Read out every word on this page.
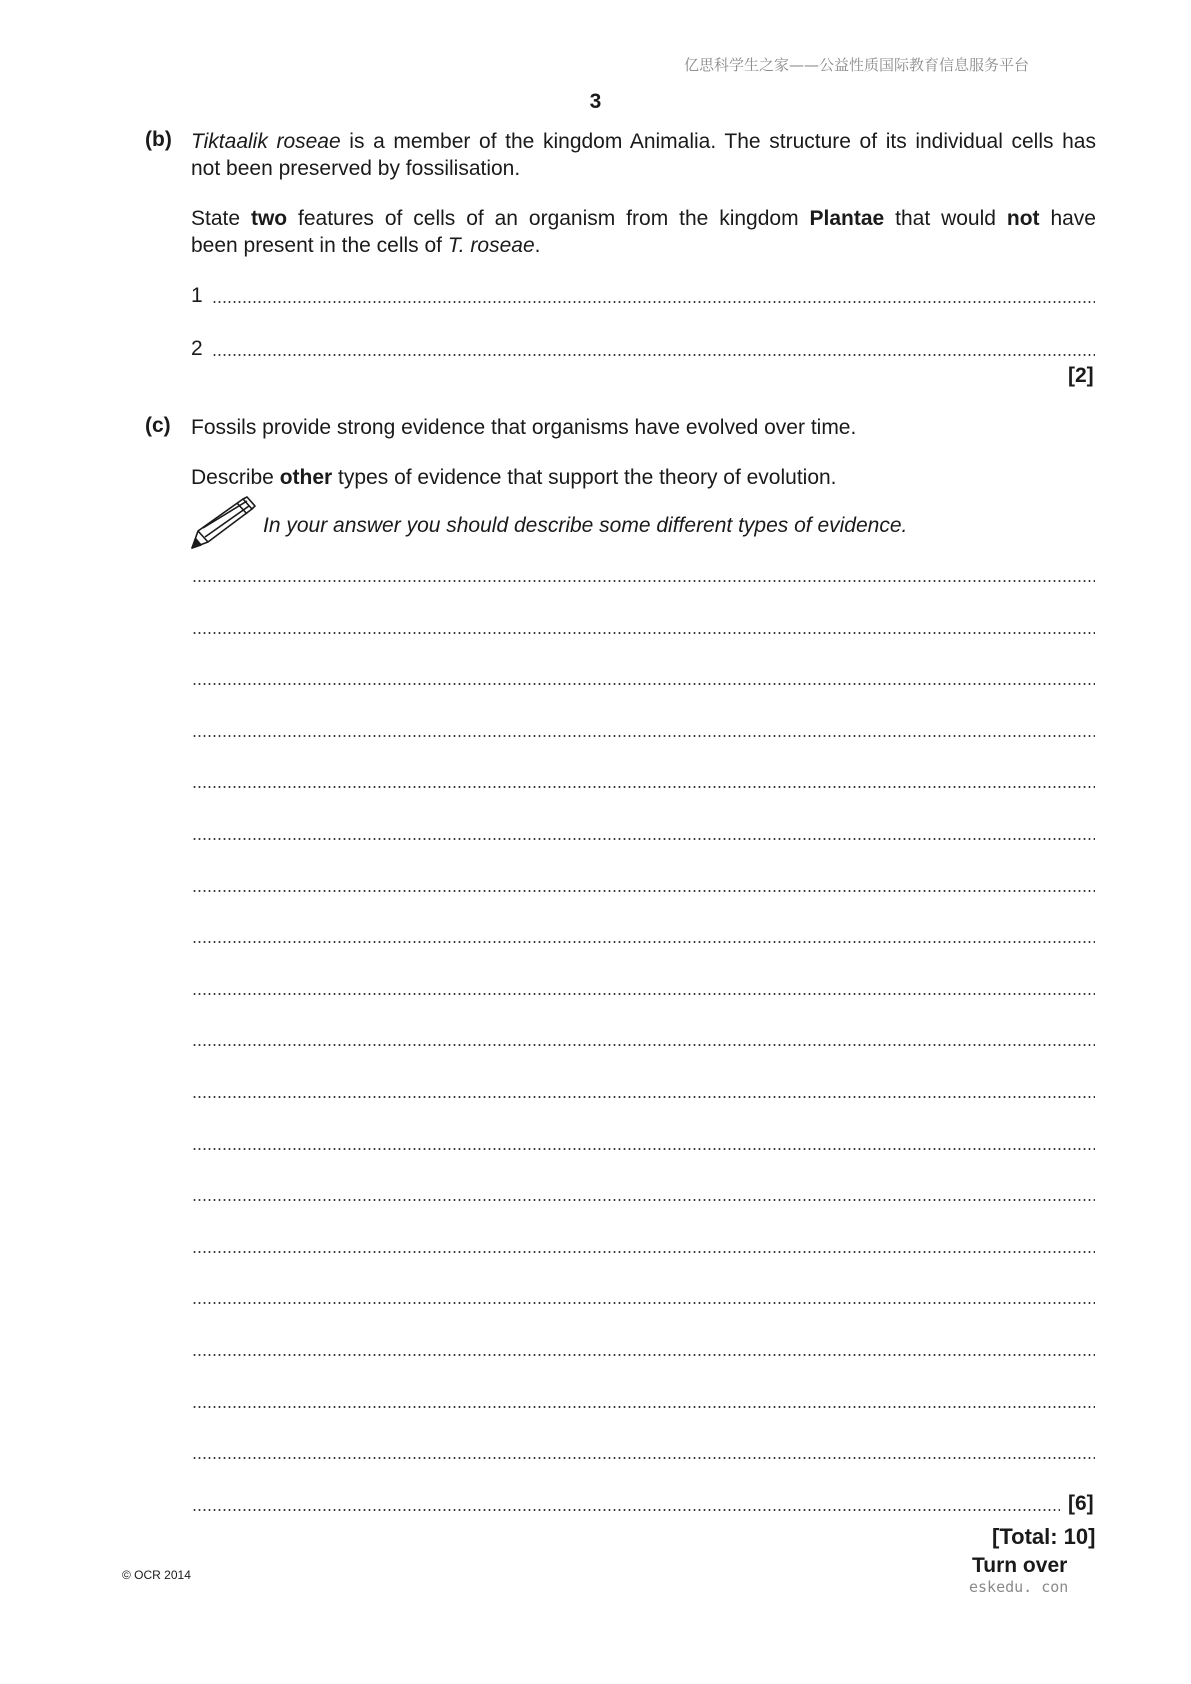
亿思科学生之家——公益性质国际教育信息服务平台
3
(b) Tiktaalik roseae is a member of the kingdom Animalia. The structure of its individual cells has
not been preserved by fossilisation.
State two features of cells of an organism from the kingdom Plantae that would not have
been present in the cells of T. roseae.
1
2
[2]
(c) Fossils provide strong evidence that organisms have evolved over time.
Describe other types of evidence that support the theory of evolution.
In your answer you should describe some different types of evidence.
[6]
[Total: 10]
Turn over
© OCR 2014
eskedu. con
